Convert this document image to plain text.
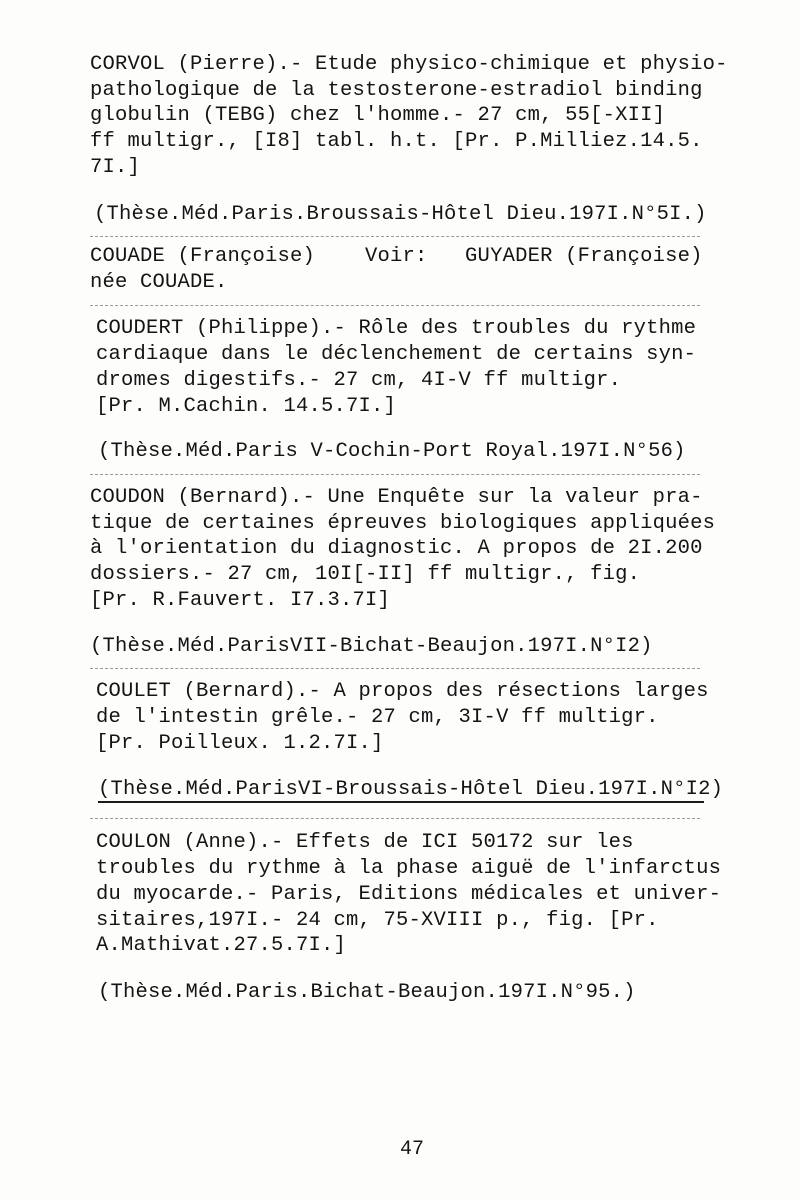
CORVOL (Pierre).- Etude physico-chimique et physio-
pathologique de la testosterone-estradiol binding
globulin (TEBG) chez l'homme.- 27 cm, 55[-XII]
ff multigr., [I8] tabl. h.t. [Pr. P.Milliez.14.5.
7I.]
(Thèse.Méd.Paris.Broussais-Hôtel Dieu.197I.N°5I.)
COUADE (Françoise)    Voir:   GUYADER (Françoise)
née COUADE.
COUDERT (Philippe).- Rôle des troubles du rythme
cardiaque dans le déclenchement de certains syn-
dromes digestifs.- 27 cm, 4I-V ff multigr.
[Pr. M.Cachin. 14.5.7I.]
(Thèse.Méd.Paris V-Cochin-Port Royal.197I.N°56)
COUDON (Bernard).- Une Enquête sur la valeur pra-
tique de certaines épreuves biologiques appliquées
à l'orientation du diagnostic. A propos de 2I.200
dossiers.- 27 cm, 10I[-II] ff multigr., fig.
[Pr. R.Fauvert. I7.3.7I]
(Thèse.Méd.ParisVII-Bichat-Beaujon.197I.N°I2)
COULET (Bernard).- A propos des résections larges
de l'intestin grêle.- 27 cm, 3I-V ff multigr.
[Pr. Poilleux. 1.2.7I.]
(Thèse.Méd.ParisVI-Broussais-Hôtel Dieu.197I.N°I2)
COULON (Anne).- Effets de ICI 50172 sur les
troubles du rythme à la phase aiguë de l'infarctus
du myocarde.- Paris, Editions médicales et univer-
sitaires,197I.- 24 cm, 75-XVIII p., fig. [Pr.
A.Mathivat.27.5.7I.]
(Thèse.Méd.Paris.Bichat-Beaujon.197I.N°95.)
47
